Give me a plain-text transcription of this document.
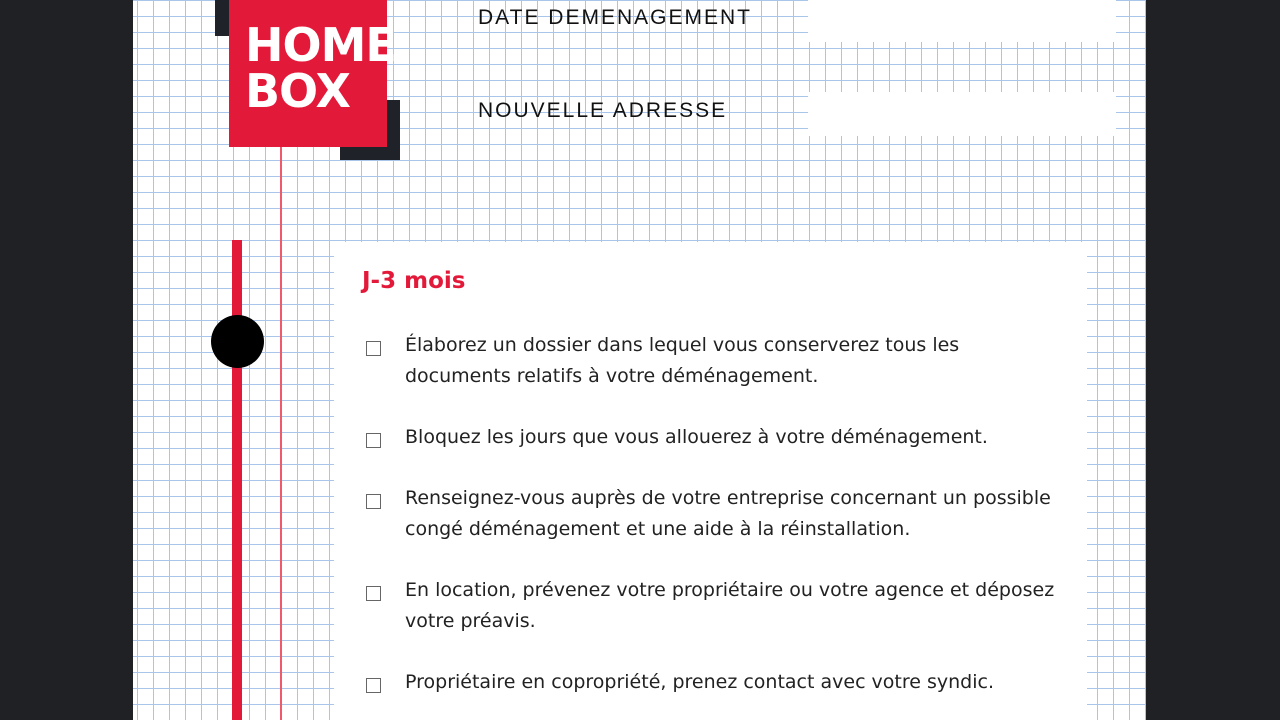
HOME
BOX
DATE DEMENAGEMENT
NOUVELLE ADRESSE
J-3 mois
Élaborez un dossier dans lequel vous conserverez tous les documents relatifs à votre déménagement.
Bloquez les jours que vous allouerez à votre déménagement.
Renseignez-vous auprès de votre entreprise concernant un possible congé déménagement et une aide à la réinstallation.
En location, prévenez votre propriétaire ou votre agence et déposez votre préavis.
Propriétaire en copropriété, prenez contact avec votre syndic.
